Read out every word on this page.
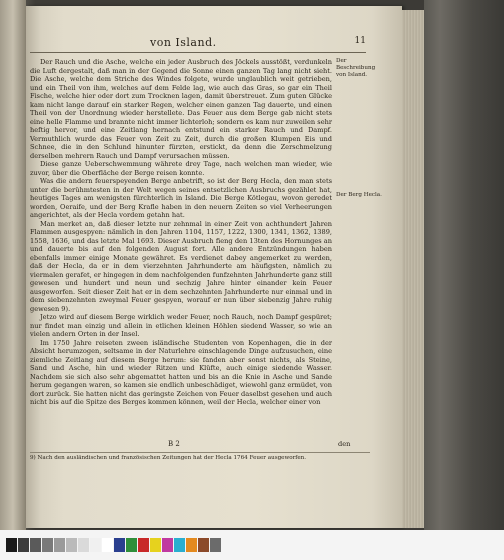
von Island.	11

Der Rauch und die Asche, welche ein jeder Ausbruch des Jöckels ausstößt, verdunkeln die Luft dergestalt, daß man in der Gegend die Sonne einen ganzen Tag lang nicht sieht. Die Asche, welche dem Striche des Windes folgete, wurde unglaublich weit getrieben, und ein Theil von ihm, welches auf dem Felde lag, wie auch das Gras, so gar ein Theil Fische, welche hier oder dort zum Trocknen lagen, damit überstreuet. Zum guten Glücke kam nicht lange darauf ein starker Regen, welcher einen ganzen Tag dauerte, und einen Theil von der Unordnung wieder herstellete. Das Feuer aus dem Berge gab nicht stets eine helle Flamme und brannte nicht immer lichterloh; sondern es kam nur zuweilen sehr heftig hervor, und eine Zeitlang hernach entstund ein starker Rauch und Dampf. Vermuthlich wurde das Feuer von Zeit zu Zeit, durch die großen Klumpen Eis und Schnee, die in den Schlund hinunter fürzten, erstickt, da denn die Zerschmelzung derselben mehrern Rauch und Dampf verursachen müssen.

Diese ganze Ueberschwemmung währete drey Tage, nach welchen man wieder, wie zuvor, über die Oberfläche der Berge reisen konnte.

Was die andern feuerspeyenden Berge anbetrift, so ist der Berg Hecla, den man stets unter die berühmtesten in der Welt wegen seines entsetzlichen Ausbruchs gezählet hat, heutiges Tages am wenigsten fürchterlich in Island. Die Berge Kötlegau, wovon geredet worden, Oeraife, und der Berg Krafle haben in den neuern Zeiten so viel Verheerungen angerichtet, als der Hecla vordem getahn hat.

Man merket an, daß dieser letzte nur zehnmal in einer Zeit von achthundert Jahren Flammen ausgespyen: nämlich in den Jahren 1104, 1157, 1222, 1300, 1341, 1362, 1389, 1558, 1636, und das letzte Mal 1693. Dieser Ausbruch fieng den 13ten des Hornunges an und dauerte bis auf den folgenden August fort. Alle andere Entzündungen haben ebenfalls immer einige Monate gewähret. Es verdienet dabey angemerket zu werden, daß der Hecla, da er in dem vierzehnten Jahrhunderte am häufigsten, nämlich zu viermalen gerafet, er hingegen in dem nachfolgenden funfzehnten Jahrhunderte ganz still gewesen und hundert und neun und sechzig Jahre hinter einander kein Feuer ausgeworfen. Seit dieser Zeit hat er in dem sechzehnten Jahrhunderte nur einmal und in dem siebenzehnten zweymal Feuer gespyen, worauf er nun über siebenzig Jahre ruhig gewesen 9).

Jetzo wird auf diesem Berge wirklich weder Feuer, noch Rauch, noch Dampf gespüret; nur findet man einzig und allein in etlichen kleinen Höhlen siedend Wasser, so wie an vielen andern Orten in der Insel.

Im 1750 Jahre reiseten zween isländische Studenten von Kopenhagen, die in der Absicht herumzogen, seltsame in der Naturlehre einschlagende Dinge aufzusuchen, eine ziemliche Zeitlang auf diesem Berge herum: sie fanden aber sonst nichts, als Steine, Sand und Asche, hin und wieder Ritzen und Klüfte, auch einige siedende Wasser. Nachdem sie sich also sehr abgemattet hatten und bis an die Knie in Asche und Sande herum gegangen waren, so kamen sie endlich unbeschädiget, wiewohl ganz ermüdet, von dort zurück. Sie hatten nicht das geringste Zeichen von Feuer daselbst gesehen und auch nicht bis auf die Spitze des Berges kommen können, weil der Hecla, welcher einer von

Der Beschreibung von Island.
Der Berg Hecla.
B 2	den
9) Nach den ausländischen und französischen Zeitungen hat der Hecla 1764 Feuer ausgeworfen.
